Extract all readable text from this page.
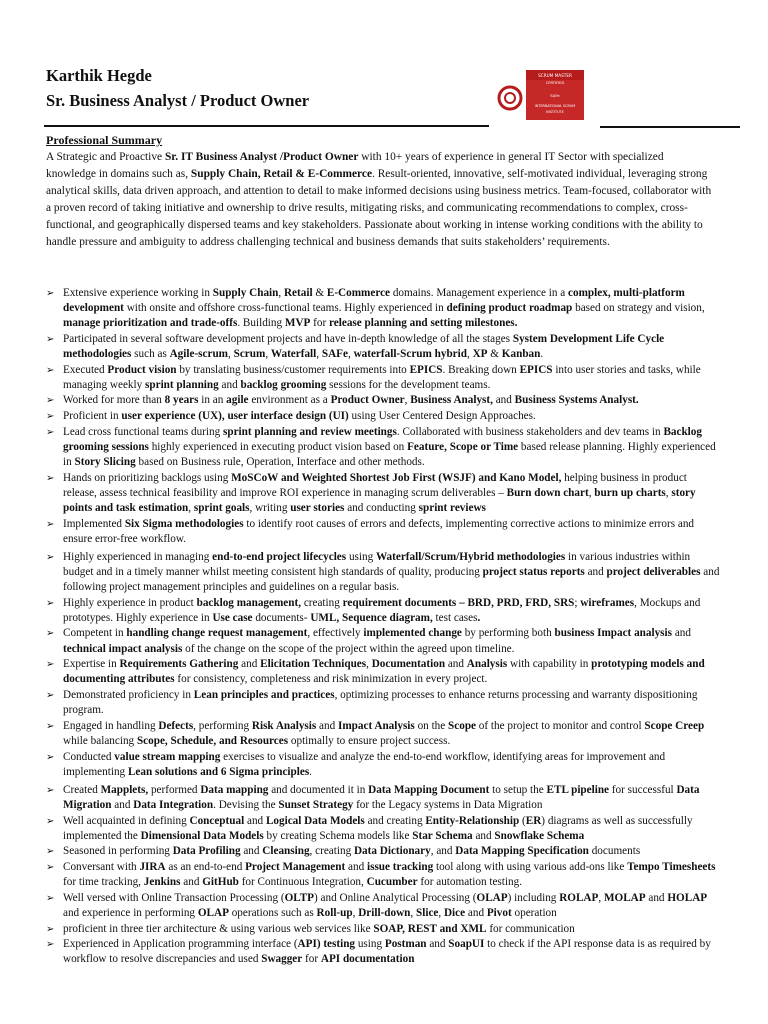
Karthik Hegde
Sr. Business Analyst / Product Owner
SCRUM MASTER
CERTIFIED
SAFe
INTERNATIONAL SCRUM
INSTITUTE
Professional Summary

A Strategic and Proactive Sr. IT Business Analyst /Product Owner with 10+ years of experience in general IT Sector with specialized knowledge in domains such as, Supply Chain, Retail & E-Commerce. Result-oriented, innovative, self-motivated individual, leveraging strong analytical skills, data driven approach, and attention to detail to make informed decisions using business metrics. Team-focused, collaborator with a proven record of taking initiative and ownership to drive results, mitigating risks, and communicating recommendations to complex, cross-functional, and geographically dispersed teams and key stakeholders. Passionate about working in intense working conditions with the ability to handle pressure and ambiguity to address challenging technical and business demands that suits stakeholders’ requirements.

➢ Extensive experience working in Supply Chain, Retail & E-Commerce domains. Management experience in a complex, multi-platform development with onsite and offshore cross-functional teams. Highly experienced in defining product roadmap based on strategy and vision, manage prioritization and trade-offs. Building MVP for release planning and setting milestones.
➢ Participated in several software development projects and have in-depth knowledge of all the stages System Development Life Cycle methodologies such as Agile-scrum, Scrum, Waterfall, SAFe, waterfall-Scrum hybrid, XP & Kanban.
➢ Executed Product vision by translating business/customer requirements into EPICS. Breaking down EPICS into user stories and tasks, while managing weekly sprint planning and backlog grooming sessions for the development teams.
➢ Worked for more than 8 years in an agile environment as a Product Owner, Business Analyst, and Business Systems Analyst.
➢ Proficient in user experience (UX), user interface design (UI) using User Centered Design Approaches.
➢ Lead cross functional teams during sprint planning and review meetings. Collaborated with business stakeholders and dev teams in Backlog grooming sessions highly experienced in executing product vision based on Feature, Scope or Time based release planning. Highly experienced in Story Slicing based on Business rule, Operation, Interface and other methods.
➢ Hands on prioritizing backlogs using MoSCoW and Weighted Shortest Job First (WSJF) and Kano Model, helping business in product release, assess technical feasibility and improve ROI experience in managing scrum deliverables – Burn down chart, burn up charts, story points and task estimation, sprint goals, writing user stories and conducting sprint reviews
➢ Implemented Six Sigma methodologies to identify root causes of errors and defects, implementing corrective actions to minimize errors and ensure error-free workflow.
➢ Highly experienced in managing end-to-end project lifecycles using Waterfall/Scrum/Hybrid methodologies in various industries within budget and in a timely manner whilst meeting consistent high standards of quality, producing project status reports and project deliverables and following project management principles and guidelines on a regular basis.
➢ Highly experience in product backlog management, creating requirement documents – BRD, PRD, FRD, SRS; wireframes, Mockups and prototypes. Highly experience in Use case documents- UML, Sequence diagram, test cases.
➢ Competent in handling change request management, effectively implemented change by performing both business Impact analysis and technical impact analysis of the change on the scope of the project within the agreed upon timeline.
➢ Expertise in Requirements Gathering and Elicitation Techniques, Documentation and Analysis with capability in prototyping models and documenting attributes for consistency, completeness and risk minimization in every project.
➢ Demonstrated proficiency in Lean principles and practices, optimizing processes to enhance returns processing and warranty dispositioning program.
➢ Engaged in handling Defects, performing Risk Analysis and Impact Analysis on the Scope of the project to monitor and control Scope Creep while balancing Scope, Schedule, and Resources optimally to ensure project success.
➢ Conducted value stream mapping exercises to visualize and analyze the end-to-end workflow, identifying areas for improvement and implementing Lean solutions and 6 Sigma principles.
➢ Created Mapplets, performed Data mapping and documented it in Data Mapping Document to setup the ETL pipeline for successful Data Migration and Data Integration. Devising the Sunset Strategy for the Legacy systems in Data Migration
➢ Well acquainted in defining Conceptual and Logical Data Models and creating Entity-Relationship (ER) diagrams as well as successfully implemented the Dimensional Data Models by creating Schema models like Star Schema and Snowflake Schema
➢ Seasoned in performing Data Profiling and Cleansing, creating Data Dictionary, and Data Mapping Specification documents
➢ Conversant with JIRA as an end-to-end Project Management and issue tracking tool along with using various add-ons like Tempo Timesheets for time tracking, Jenkins and GitHub for Continuous Integration, Cucumber for automation testing.
➢ Well versed with Online Transaction Processing (OLTP) and Online Analytical Processing (OLAP) including ROLAP, MOLAP and HOLAP and experience in performing OLAP operations such as Roll-up, Drill-down, Slice, Dice and Pivot operation
➢ proficient in three tier architecture & using various web services like SOAP, REST and XML for communication
➢ Experienced in Application programming interface (API) testing using Postman and SoapUI to check if the API response data is as required by workflow to resolve discrepancies and used Swagger for API documentation
